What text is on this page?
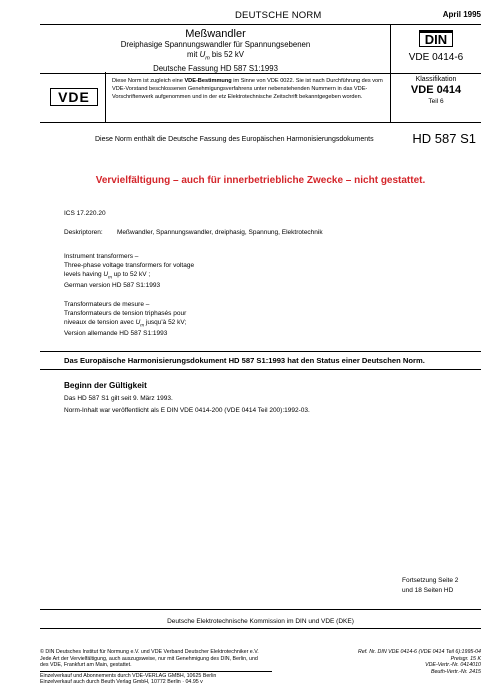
DEUTSCHE NORM	April 1995
Meßwandler
Dreiphasige Spannungswandler für Spannungsebenen
mit $U_m$ bis 52 kV
Deutsche Fassung HD 587 S1:1993
DIN
VDE 0414-6
VDE
Diese Norm ist zugleich eine VDE-Bestimmung im Sinne von VDE 0022. Sie ist nach Durchführung des vom VDE-Vorstand beschlossenen Genehmigungsverfahrens unter nebenstehenden Nummern in das VDE-Vorschriftenwerk aufgenommen und in der etz Elektrotechnische Zeitschrift bekanntgegeben worden.
Klassifikation
VDE 0414
Teil 6
Diese Norm enthält die Deutsche Fassung des Europäischen Harmonisierungsdokuments	HD 587 S1
Vervielfältigung – auch für innerbetriebliche Zwecke – nicht gestattet.
ICS 17.220.20
Deskriptoren: Meßwandler, Spannungswandler, dreiphasig, Spannung, Elektrotechnik
Instrument transformers –
Three-phase voltage transformers for voltage
levels having $U_m$ up to 52 kV ;
German version HD 587 S1:1993
Transformateurs de mesure –
Transformateurs de tension triphasés pour
niveaux de tension avec $U_m$ jusqu'à 52 kV;
Version allemande HD 587 S1:1993
Das Europäische Harmonisierungsdokument HD 587 S1:1993 hat den Status einer Deutschen Norm.
Beginn der Gültigkeit
Das HD 587 S1 gilt seit 9. März 1993.
Norm-Inhalt war veröffentlicht als E DIN VDE 0414-200 (VDE 0414 Teil 200):1992-03.
Fortsetzung Seite 2
und 18 Seiten HD
Deutsche Elektrotechnische Kommission im DIN und VDE (DKE)
© DIN Deutsches Institut für Normung e.V. und VDE Verband Deutscher Elektrotechniker e.V.
Jede Art der Vervielfältigung, auch auszugsweise, nur mit Genehmigung des DIN, Berlin, und
des VDE, Frankfurt am Main, gestattet.
Einzelverkauf und Abonnements durch VDE-VERLAG GMBH, 10625 Berlin
Einzelverkauf auch durch Beuth Verlag GmbH, 10772 Berlin · 04.95 v
Ref. Nr. DIN VDE 0414-6 (VDE 0414 Teil 6):1995-04
Preisgr. 15 K
VDE-Vertr.-Nr. 0414010
Beuth-Vertr.-Nr. 2415
